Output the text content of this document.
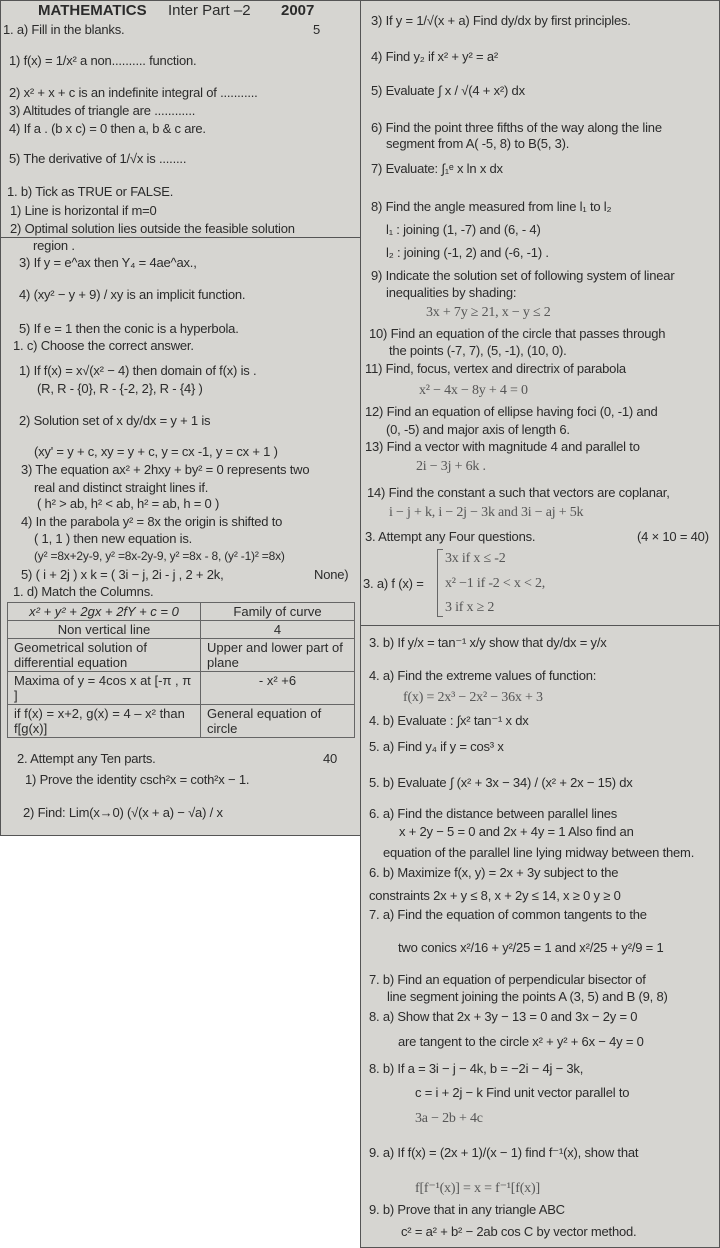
MATHEMATICS Inter Part –2 2007
1. a) Fill in the blanks.	5
1) f(x) = 1/x² a non.......... function.
2) x² + x + c is an indefinite integral of ...........
3) Altitudes of triangle are ............
4) If a . (b x c) = 0 then a, b & c are.
5) The derivative of 1/√x is ........
1. b) Tick as TRUE or FALSE.
1) Line is horizontal if m=0
2) Optimal solution lies outside the feasible solution
region .
3) If y = e^ax then Y₄ = 4ae^ax.,
4) (xy² − y + 9) / xy is an implicit function.
5) If e = 1 then the conic is a hyperbola.
1. c) Choose the correct answer.
1) If f(x) = x√(x² − 4) then domain of f(x) is .
(R, R - {0}, R - {-2, 2}, R - {4} )
2) Solution set of x dy/dx = y + 1 is
(xy' = y + c, xy = y + c, y = cx -1, y = cx + 1 )
3) The equation ax² + 2hxy + by² = 0 represents two
real and distinct straight lines if.
( h² > ab, h² < ab, h² = ab, h = 0 )
4) In the parabola y² = 8x the origin is shifted to
( 1, 1 ) then new equation is.
(y² =8x+2y-9, y² =8x-2y-9, y² =8x - 8, (y² -1)² =8x)
5) ( i + 2j ) x k = ( 3i − j, 2i - j , 2 + 2k,	None)
1. d) Match the Columns.
2. Attempt any Ten parts.	40
1) Prove the identity csch²x = coth²x − 1.
2) Find: Lim(x→0) (√(x + a) − √a) / x
x² + y² + 2gx + 2fY + c = 0	Family of curve
Non vertical line	4
Geometrical solution of differential equation	Upper and lower part of plane
Maxima of y = 4cos x at [-π , π ]	- x² +6
if f(x) = x+2, g(x) = 4 – x² than f[g(x)]	General equation of circle
3) If y = 1/√(x + a) Find dy/dx by first principles.
4) Find y₂ if x² + y² = a²
5) Evaluate ∫ x / √(4 + x²) dx
6) Find the point three fifths of the way along the line
segment from A( -5, 8) to B(5, 3).
7) Evaluate: ∫₁ᵉ x ln x dx
8) Find the angle measured from line l₁ to l₂
l₁ : joining (1, -7) and (6, - 4)
l₂ : joining (-1, 2) and (-6, -1) .
9) Indicate the solution set of following system of linear
inequalities by shading:
3x + 7y ≥ 21, x − y ≤ 2
10) Find an equation of the circle that passes through
the points (-7, 7), (5, -1), (10, 0).
11) Find, focus, vertex and directrix of parabola
x² − 4x − 8y + 4 = 0
12) Find an equation of ellipse having foci (0, -1) and
(0, -5) and major axis of length 6.
13) Find a vector with magnitude 4 and parallel to
2i − 3j + 6k .
14) Find the constant a such that vectors are coplanar,
i − j + k, i − 2j − 3k and 3i − aj + 5k
3. Attempt any Four questions.	(4 × 10 = 40)
3. a) f (x) =
3x if x ≤ -2
x² −1 if -2 < x < 2,
3 if x ≥ 2
3. b) If y/x = tan⁻¹ x/y show that dy/dx = y/x
4. a) Find the extreme values of function:
f(x) = 2x³ − 2x² − 36x + 3
4. b) Evaluate : ∫x² tan⁻¹ x dx
5. a) Find y₄ if y = cos³ x
5. b) Evaluate ∫ (x² + 3x − 34) / (x² + 2x − 15) dx
6. a) Find the distance between parallel lines
x + 2y − 5 = 0 and 2x + 4y = 1 Also find an
equation of the parallel line lying midway between them.
6. b) Maximize f(x, y) = 2x + 3y subject to the
constraints 2x + y ≤ 8, x + 2y ≤ 14, x ≥ 0 y ≥ 0
7. a) Find the equation of common tangents to the
two conics x²/16 + y²/25 = 1 and x²/25 + y²/9 = 1
7. b) Find an equation of perpendicular bisector of
line segment joining the points A (3, 5) and B (9, 8)
8. a) Show that 2x + 3y − 13 = 0 and 3x − 2y = 0
are tangent to the circle x² + y² + 6x − 4y = 0
8. b) If a = 3i − j − 4k, b = −2i − 4j − 3k,
c = i + 2j − k Find unit vector parallel to
3a − 2b + 4c
9. a) If f(x) = (2x + 1)/(x − 1) find f⁻¹(x), show that
f[f⁻¹(x)] = x = f⁻¹[f(x)]
9. b) Prove that in any triangle ABC
c² = a² + b² − 2ab cos C by vector method.
